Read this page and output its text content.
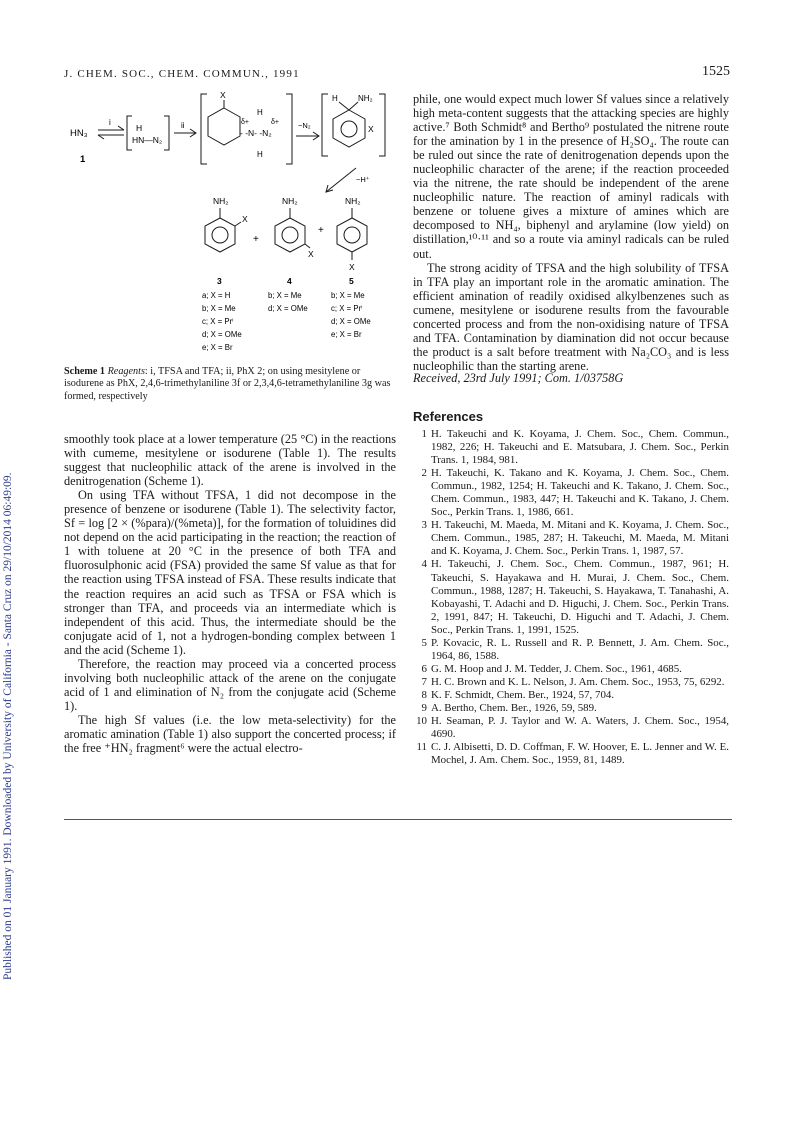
Published on 01 January 1991. Downloaded by University of California - Santa Cruz on 29/10/2014 06:49:09.
J. CHEM. SOC., CHEM. COMMUN., 1991	1525
HN₃
i
H
HN—N₂
1
ii
X
δ+	δ+
H
- -N- -N₂
H
−N₂
H	NH₂
X
−H⁺
NH₂
X
+
NH₂
X
+
NH₂
X
3	4	5
a; X = H
b; X = Me
c; X = Prⁱ
d; X = OMe
e; X = Br
b; X = Me
d; X = OMe
b; X = Me
c; X = Prⁱ
d; X = OMe
e; X = Br
Scheme 1 Reagents: i, TFSA and TFA; ii, PhX 2; on using mesitylene or isodurene as PhX, 2,4,6-trimethylaniline 3f or 2,3,4,6-tetramethylaniline 3g was formed, respectively

smoothly took place at a lower temperature (25 °C) in the reactions with cumeme, mesitylene or isodurene (Table 1). The results suggest that nucleophilic attack of the arene is involved in the denitrogenation (Scheme 1).

On using TFA without TFSA, 1 did not decompose in the presence of benzene or isodurene (Table 1). The selectivity factor, Sf = log [2 × (%para)/(%meta)], for the formation of toluidines did not depend on the acid participating in the reaction; the reaction of 1 with toluene at 20 °C in the presence of both TFA and fluorosulphonic acid (FSA) provided the same Sf value as that for the reaction using TFSA instead of FSA. These results indicate that the reaction requires an acid such as TFSA or FSA which is stronger than TFA, and proceeds via an intermediate which is independent of this acid. Thus, the intermediate should be the conjugate acid of 1, not a hydrogen-bonding complex between 1 and the acid (Scheme 1).

Therefore, the reaction may proceed via a concerted process involving both nucleophilic attack of the arene on the conjugate acid of 1 and elimination of N₂ from the conjugate acid (Scheme 1).

The high Sf values (i.e. the low meta-selectivity) for the aromatic amination (Table 1) also support the concerted process; if the free ⁺HN₂ fragment⁶ were the actual electro-

phile, one would expect much lower Sf values since a relatively high meta-content suggests that the attacking species are highly active.⁷ Both Schmidt⁸ and Bertho⁹ postulated the nitrene route for the amination by 1 in the presence of H₂SO₄. The route can be ruled out since the rate of denitrogenation depends upon the nucleophilic character of the arene; if the reaction proceeded via the nitrene, the rate should be independent of the arene nucleophilic nature. The reaction of aminyl radicals with benzene or toluene gives a mixture of amines which are decomposed to NH₄, biphenyl and arylamine (low yield) on distillation,¹⁰·¹¹ and so a route via aminyl radicals can be ruled out.

The strong acidity of TFSA and the high solubility of TFSA in TFA play an important role in the aromatic amination. The efficient amination of readily oxidised alkylbenzenes such as cumene, mesitylene or isodurene results from the favourable concerted process and from the non-oxidising nature of TFSA and TFA. Contamination by diamination did not occur because the product is a salt before treatment with Na₂CO₃ and is less nucleophilic than the starting arene.

Received, 23rd July 1991; Com. 1/03758G
References
1 H. Takeuchi and K. Koyama, J. Chem. Soc., Chem. Commun., 1982, 226; H. Takeuchi and E. Matsubara, J. Chem. Soc., Perkin Trans. 1, 1984, 981.
2 H. Takeuchi, K. Takano and K. Koyama, J. Chem. Soc., Chem. Commun., 1982, 1254; H. Takeuchi and K. Takano, J. Chem. Soc., Chem. Commun., 1983, 447; H. Takeuchi and K. Takano, J. Chem. Soc., Perkin Trans. 1, 1986, 661.
3 H. Takeuchi, M. Maeda, M. Mitani and K. Koyama, J. Chem. Soc., Chem. Commun., 1985, 287; H. Takeuchi, M. Maeda, M. Mitani and K. Koyama, J. Chem. Soc., Perkin Trans. 1, 1987, 57.
4 H. Takeuchi, J. Chem. Soc., Chem. Commun., 1987, 961; H. Takeuchi, S. Hayakawa and H. Murai, J. Chem. Soc., Chem. Commun., 1988, 1287; H. Takeuchi, S. Hayakawa, T. Tanahashi, A. Kobayashi, T. Adachi and D. Higuchi, J. Chem. Soc., Perkin Trans. 2, 1991, 847; H. Takeuchi, D. Higuchi and T. Adachi, J. Chem. Soc., Perkin Trans. 1, 1991, 1525.
5 P. Kovacic, R. L. Russell and R. P. Bennett, J. Am. Chem. Soc., 1964, 86, 1588.
6 G. M. Hoop and J. M. Tedder, J. Chem. Soc., 1961, 4685.
7 H. C. Brown and K. L. Nelson, J. Am. Chem. Soc., 1953, 75, 6292.
8 K. F. Schmidt, Chem. Ber., 1924, 57, 704.
9 A. Bertho, Chem. Ber., 1926, 59, 589.
10 H. Seaman, P. J. Taylor and W. A. Waters, J. Chem. Soc., 1954, 4690.
11 C. J. Albisetti, D. D. Coffman, F. W. Hoover, E. L. Jenner and W. E. Mochel, J. Am. Chem. Soc., 1959, 81, 1489.
